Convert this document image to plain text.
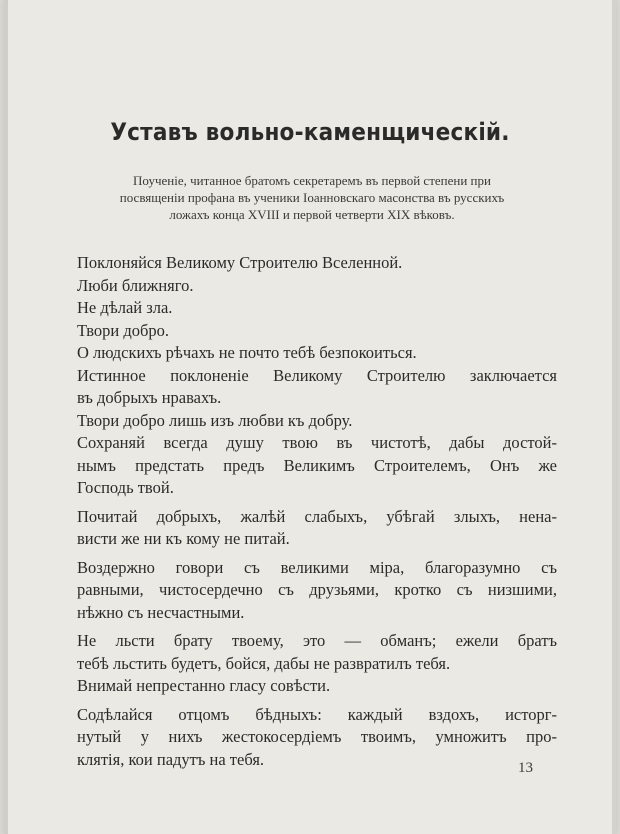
Уставъ вольно-каменщическій.
Поученіе, читанное братомъ секретаремъ въ первой степени при
посвященіи профана въ ученики Іоанновскаго масонства въ русскихъ
ложахъ конца XVIII и первой четверти XIX вѣковъ.
Поклоняйся Великому Строителю Вселенной.
Люби ближняго.
Не дѣлай зла.
Твори добро.
О людскихъ рѣчахъ не почто тебѣ безпокоиться.
Истинное поклоненіе Великому Строителю заключается
въ добрыхъ нравахъ.
Твори добро лишь изъ любви къ добру.
Сохраняй всегда душу твою въ чистотѣ, дабы достой-
нымъ предстать предъ Великимъ Строителемъ, Онъ же
Господь твой.
Почитай добрыхъ, жалѣй слабыхъ, убѣгай злыхъ, нена-
висти же ни къ кому не питай.
Воздержно говори съ великими міра, благоразумно съ
равными, чистосердечно съ друзьями, кротко съ низшими,
нѣжно съ несчастными.
Не льсти брату твоему, это — обманъ; ежели братъ
тебѣ льстить будетъ, бойся, дабы не развратилъ тебя.
Внимай непрестанно гласу совѣсти.
Содѣлайся отцомъ бѣдныхъ: каждый вздохъ, исторг-
нутый у нихъ жестокосердіемъ твоимъ, умножитъ про-
клятія, кои падутъ на тебя.	13
